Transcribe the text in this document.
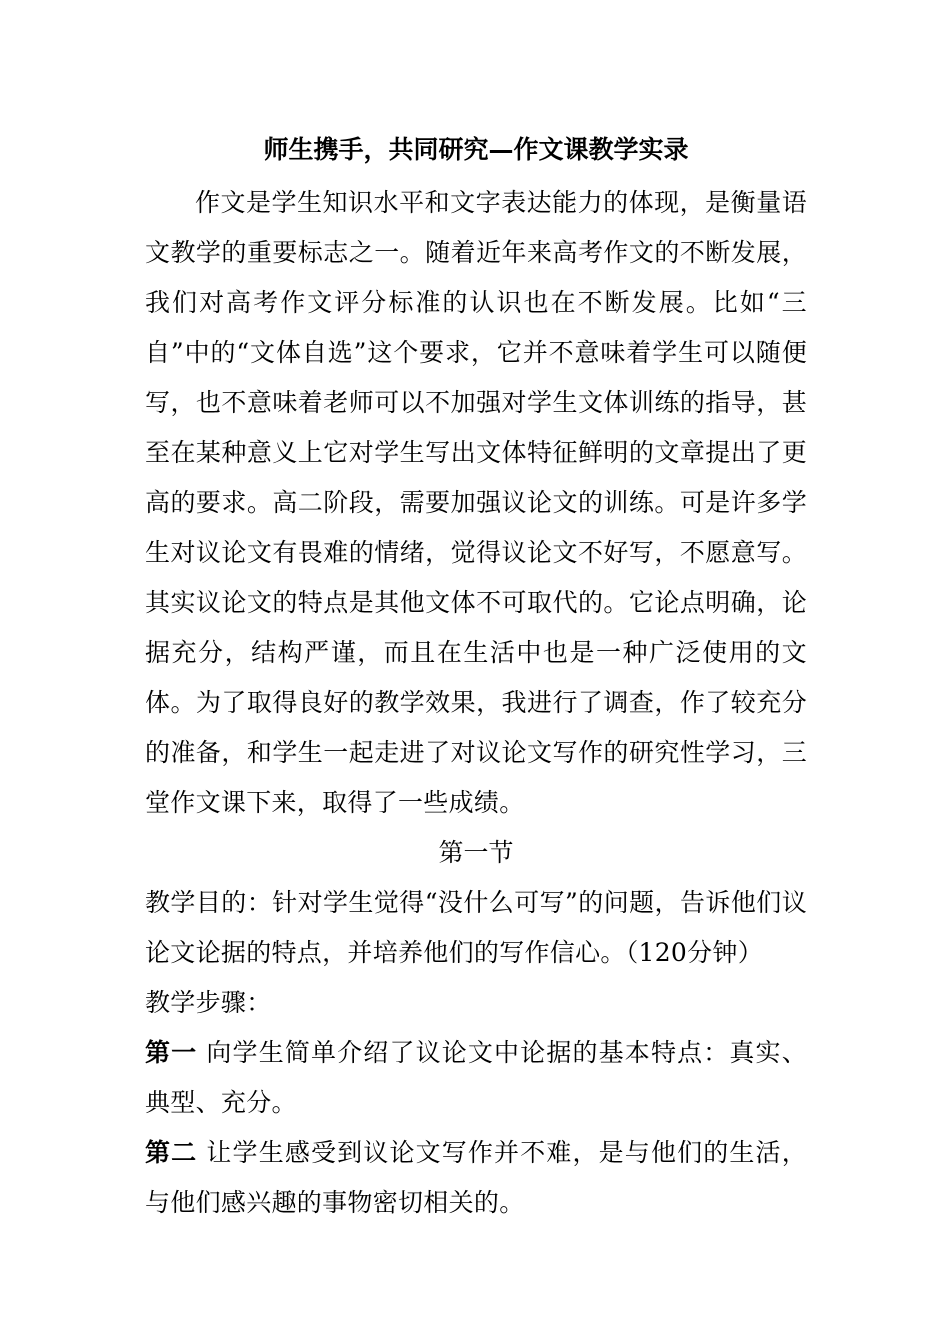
师生携手，共同研究—作文课教学实录

作文是学生知识水平和文字表达能力的体现，是衡量语文教学的重要标志之一。随着近年来高考作文的不断发展，我们对高考作文评分标准的认识也在不断发展。比如“三自”中的“文体自选”这个要求，它并不意味着学生可以随便写，也不意味着老师可以不加强对学生文体训练的指导，甚至在某种意义上它对学生写出文体特征鲜明的文章提出了更高的要求。高二阶段，需要加强议论文的训练。可是许多学生对议论文有畏难的情绪，觉得议论文不好写，不愿意写。其实议论文的特点是其他文体不可取代的。它论点明确，论据充分，结构严谨，而且在生活中也是一种广泛使用的文体。为了取得良好的教学效果，我进行了调查，作了较充分的准备，和学生一起走进了对议论文写作的研究性学习，三堂作文课下来，取得了一些成绩。

第一节

教学目的：针对学生觉得“没什么可写”的问题，告诉他们议论文论据的特点，并培养他们的写作信心。（120分钟）

教学步骤：

第一 向学生简单介绍了议论文中论据的基本特点：真实、典型、充分。

第二 让学生感受到议论文写作并不难，是与他们的生活，与他们感兴趣的事物密切相关的。
